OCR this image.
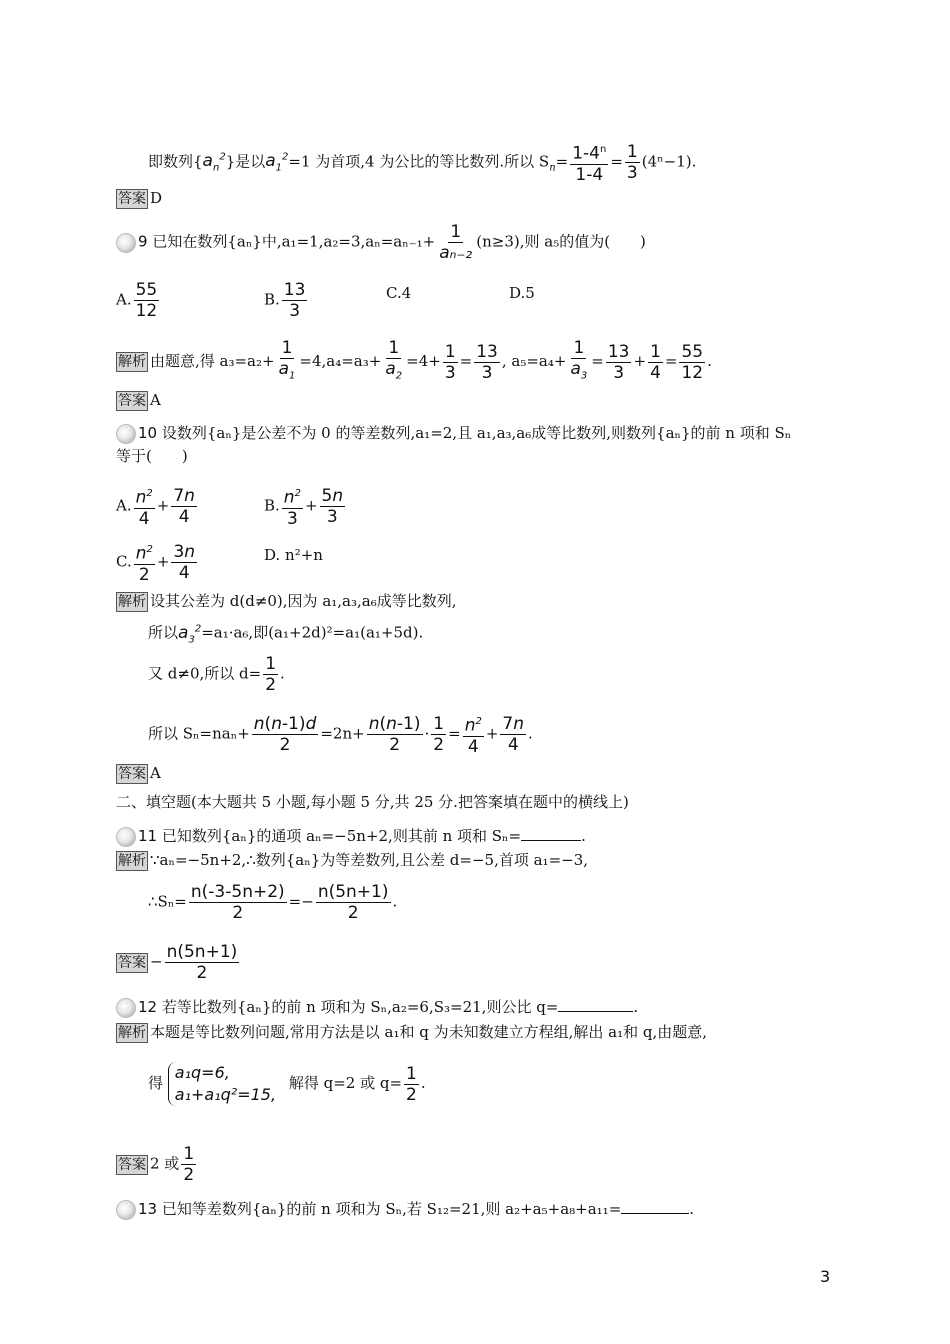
即数列$\{a_n^2\}$是以$a_1^2=1$ 为首项,4 为公比的等比数列.所以 $S_n= \frac{1-4^n}{1-4} = \frac{1}{3} (4^n-1)$.
答案 D
9 已知在数列{aₙ}中$,a_1=1,a_2=3,a_n=a_{n-1}+ \frac{1}{\text{aₙ₋₂}} (n\ge 3)$,则 a₅的值为(　　)
A. $\frac{55}{12}$	B. $\frac{13}{3}$	C.4	D.5
解析 由题意,得 $a_3=a_2+ \frac{1}{a_1} =4,a_4=a_3+ \frac{1}{a_2} =4+ \frac{1}{3} = \frac{13}{3}$ , $a_5=a_4+ \frac{1}{a_3} = \frac{13}{3} + \frac{1}{4} = \frac{55}{12}$ .
答案 A
10 设数列{aₙ}是公差不为 0 的等差数列,a₁=2,且 a₁,a₃,a₆成等比数列,则数列{aₙ}的前 n 项和 Sₙ
等于(　　)
A. $\frac{n^2}{4} + \frac{7n}{4}$	B. $\frac{n^2}{3} + \frac{5n}{3}$
C. $\frac{n^2}{2} + \frac{3n}{4}$	D. n²+n
解析 设其公差为 d(d≠0),因为 a₁,a₃,a₆成等比数列,
所以$a_3^2=a_1\cdot a_6$,即(a₁+2d)²=a₁(a₁+5d).
又 d≠0,所以 $d= \frac{1}{2}$ .
所以 $S_n=na_n+ \frac{n(n-1)d}{2} =2n+ \frac{n(n-1)}{2} \cdot \frac{1}{2} = \frac{n^2}{4} + \frac{7n}{4}$ .
答案 A
二、填空题(本大题共 5 小题,每小题 5 分,共 25 分.把答案填在题中的横线上)
11 已知数列{aₙ}的通项 aₙ=−5n+2,则其前 n 项和 Sₙ=	.
解析 ∵aₙ=−5n+2,∴数列{aₙ}为等差数列,且公差 d=−5,首项 a₁=−3,
∴Sₙ= $\frac{n(-3-5n+2)}{2} =- \frac{n(5n+1)}{2}$ .
答案 − $\frac{n(5n+1)}{2}$
12 若等比数列{aₙ}的前 n 项和为 Sₙ,a₂=6,S₃=21,则公比 q=	.
解析 本题是等比数列问题,常用方法是以 a₁和 q 为未知数建立方程组,解出 a₁和 q,由题意,
得
a₁q=6,
a₁+a₁q²=15,
解得 q=2 或 $q= \frac{1}{2}$ .
答案 2 或 $\frac{1}{2}$
13 已知等差数列{aₙ}的前 n 项和为 Sₙ,若 S₁₂=21,则 a₂+a₅+a₈+a₁₁=	.
3
